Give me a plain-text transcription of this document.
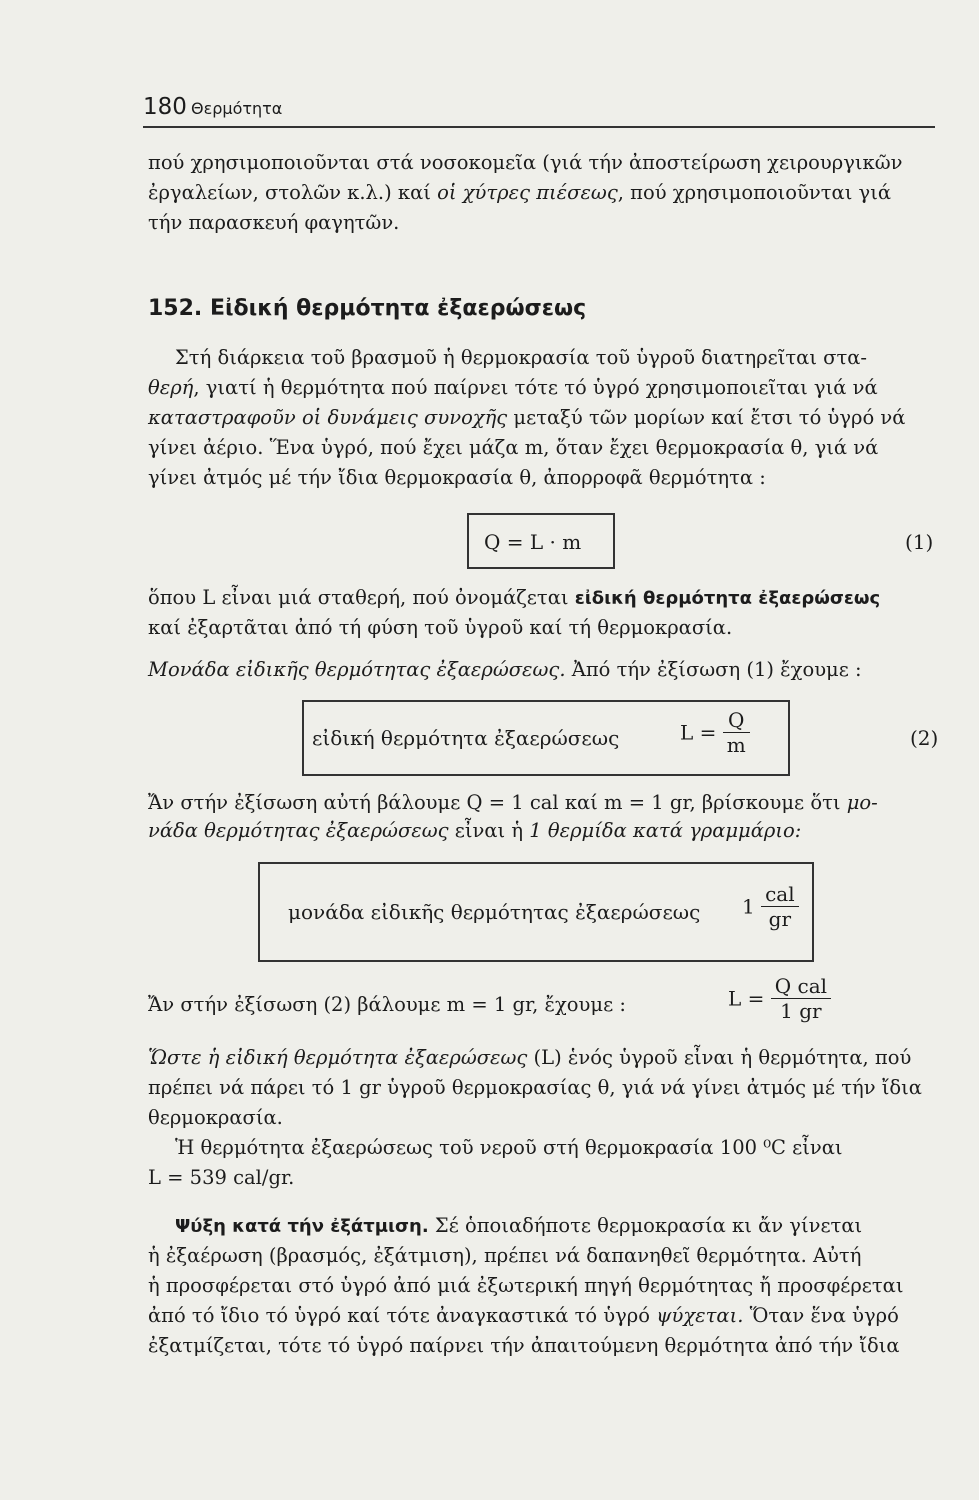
180 Θερμότητα
πού χρησιμοποιοῦνται στά νοσοκομεῖα (γιά τήν ἀποστείρωση χειρουργικῶν
ἐργαλείων, στολῶν κ.λ.) καί οἱ χύτρες πιέσεως, πού χρησιμοποιοῦνται γιά
τήν παρασκευή φαγητῶν.
152. Εἰδική θερμότητα ἐξαερώσεως
Στή διάρκεια τοῦ βρασμοῦ ἡ θερμοκρασία τοῦ ὑγροῦ διατηρεῖται στα-
θερή, γιατί ἡ θερμότητα πού παίρνει τότε τό ὑγρό χρησιμοποιεῖται γιά νά
καταστραφοῦν οἱ δυνάμεις συνοχῆς μεταξύ τῶν μορίων καί ἔτσι τό ὑγρό νά
γίνει ἀέριο. Ἕνα ὑγρό, πού ἔχει μάζα m, ὅταν ἔχει θερμοκρασία θ, γιά νά
γίνει ἀτμός μέ τήν ἴδια θερμοκρασία θ, ἀπορροφᾶ θερμότητα :
Q = L · m	(1)
ὅπου L εἶναι μιά σταθερή, πού ὀνομάζεται εἰδική θερμότητα ἐξαερώσεως
καί ἐξαρτᾶται ἀπό τή φύση τοῦ ὑγροῦ καί τή θερμοκρασία.
Μονάδα εἰδικῆς θερμότητας ἐξαερώσεως. Ἀπό τήν ἐξίσωση (1) ἔχουμε :
εἰδική θερμότητα ἐξαερώσεως	$L = \frac{Q}{m}$	(2)
Ἄν στήν ἐξίσωση αὐτή βάλουμε Q = 1 cal καί m = 1 gr, βρίσκουμε ὅτι μο-
νάδα θερμότητας ἐξαερώσεως εἶναι ἡ 1 θερμίδα κατά γραμμάριο:
μονάδα εἰδικῆς θερμότητας ἐξαερώσεως $1 \frac{\text{cal}}{gr}$
Ἄν στήν ἐξίσωση (2) βάλουμε m = 1 gr, ἔχουμε :	$L = \frac{\text{Q cal}}{1 gr}$
Ὥστε ἡ εἰδική θερμότητα ἐξαερώσεως (L) ἑνός ὑγροῦ εἶναι ἡ θερμότητα, πού
πρέπει νά πάρει τό 1 gr ὑγροῦ θερμοκρασίας θ, γιά νά γίνει ἀτμός μέ τήν ἴδια
θερμοκρασία.
Ἡ θερμότητα ἐξαερώσεως τοῦ νεροῦ στή θερμοκρασία 100 ⁰C εἶναι
L = 539 cal/gr.
Ψύξη κατά τήν ἐξάτμιση. Σέ ὁποιαδήποτε θερμοκρασία κι ἄν γίνεται
ἡ ἐξαέρωση (βρασμός, ἐξάτμιση), πρέπει νά δαπανηθεῖ θερμότητα. Αὐτή
ἡ προσφέρεται στό ὑγρό ἀπό μιά ἐξωτερική πηγή θερμότητας ἤ προσφέρεται
ἀπό τό ἴδιο τό ὑγρό καί τότε ἀναγκαστικά τό ὑγρό ψύχεται. Ὅταν ἕνα ὑγρό
ἐξατμίζεται, τότε τό ὑγρό παίρνει τήν ἀπαιτούμενη θερμότητα ἀπό τήν ἴδια
